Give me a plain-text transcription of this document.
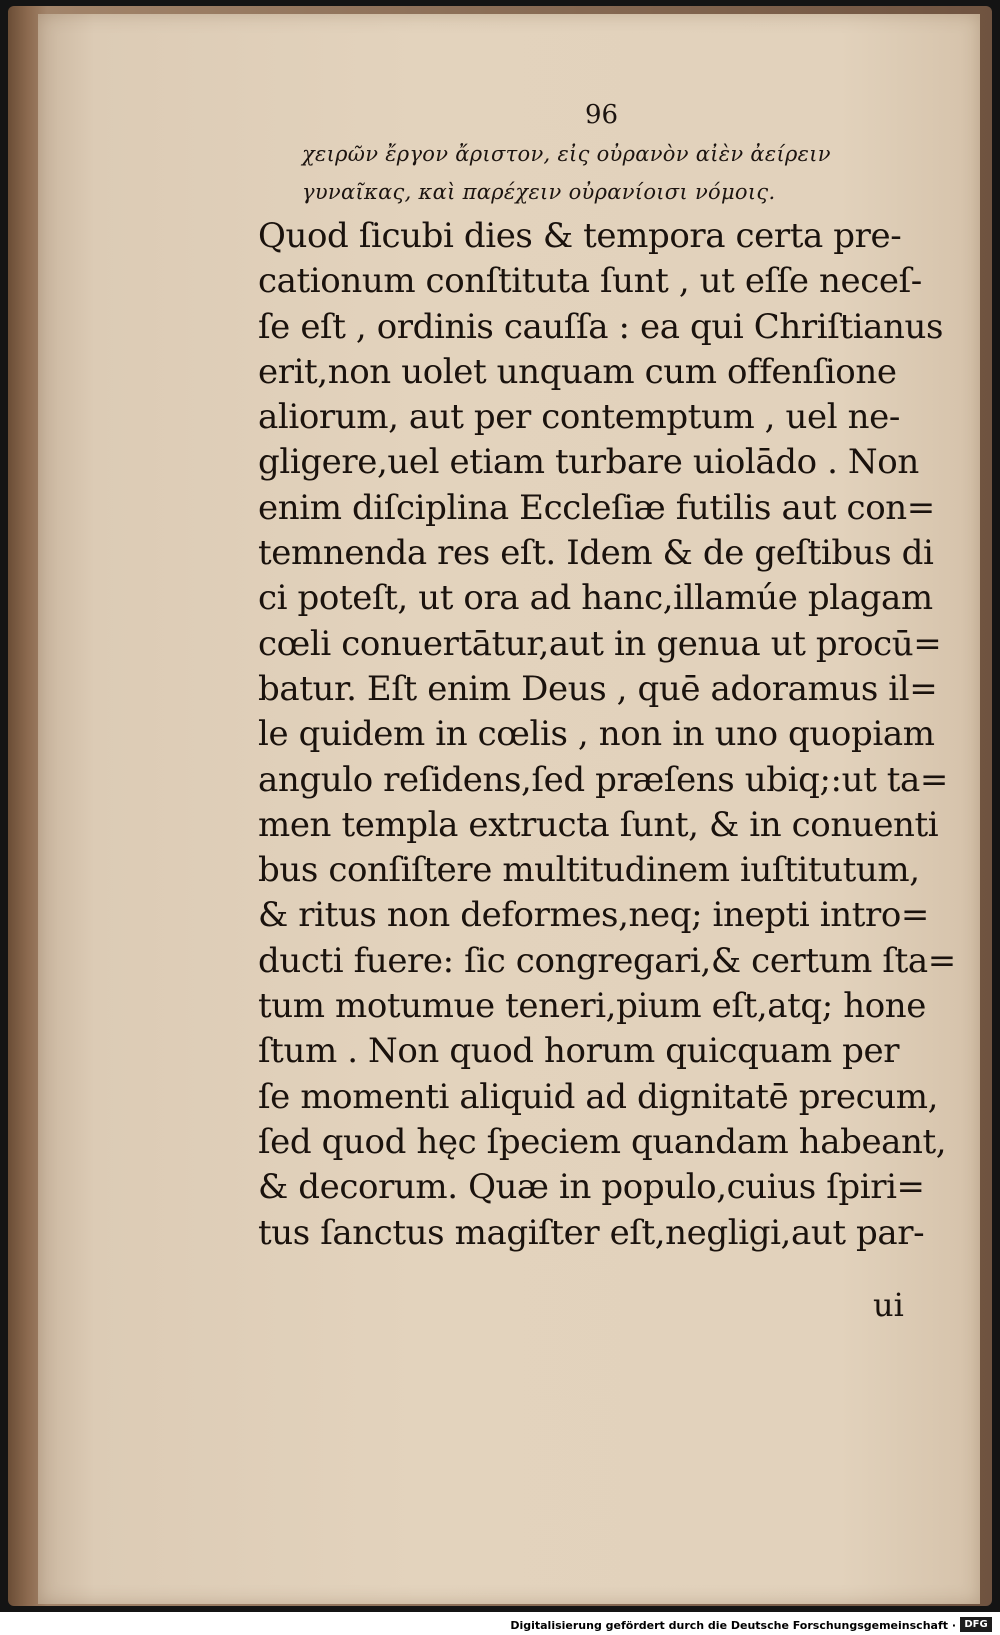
96
χειρῶν ἔργον ἄριστον, εἰς οὐρανὸν αἰὲν ἀείρειν
γυναῖκας, καὶ παρέχειν οὐρανίοισι νόμοις.
Quod ſicubi dies & tempora certa pre-
cationum conſtituta ſunt , ut eſſe neceſ-
ſe eſt , ordinis cauſſa : ea qui Chriſtianus
erit,non uolet unquam cum offenſione
aliorum, aut per contemptum , uel ne-
gligere,uel etiam turbare uiolādo . Non
enim diſciplina Eccleſiæ futilis aut con=
temnenda res eſt. Idem & de geſtibus di
ci poteſt, ut ora ad hanc,illamúe plagam
cœli conuertātur,aut in genua ut procū=
batur. Eſt enim Deus , quē adoramus il=
le quidem in cœlis , non in uno quopiam
angulo reſidens,ſed præſens ubiq;:ut ta=
men templa extructa ſunt, & in conuenti
bus conſiſtere multitudinem iuſtitutum,
& ritus non deformes,neq; inepti intro=
ducti fuere: ſic congregari,& certum ſta=
tum motumue teneri,pium eſt,atq; hone
ſtum . Non quod horum quicquam per
ſe momenti aliquid ad dignitatē precum,
ſed quod hęc ſpeciem quandam habeant,
& decorum. Quæ in populo,cuius ſpiri=
tus ſanctus magiſter eſt,negligi,aut par-
ui
Digitalisierung gefördert durch die Deutsche Forschungsgemeinschaft · DFG
